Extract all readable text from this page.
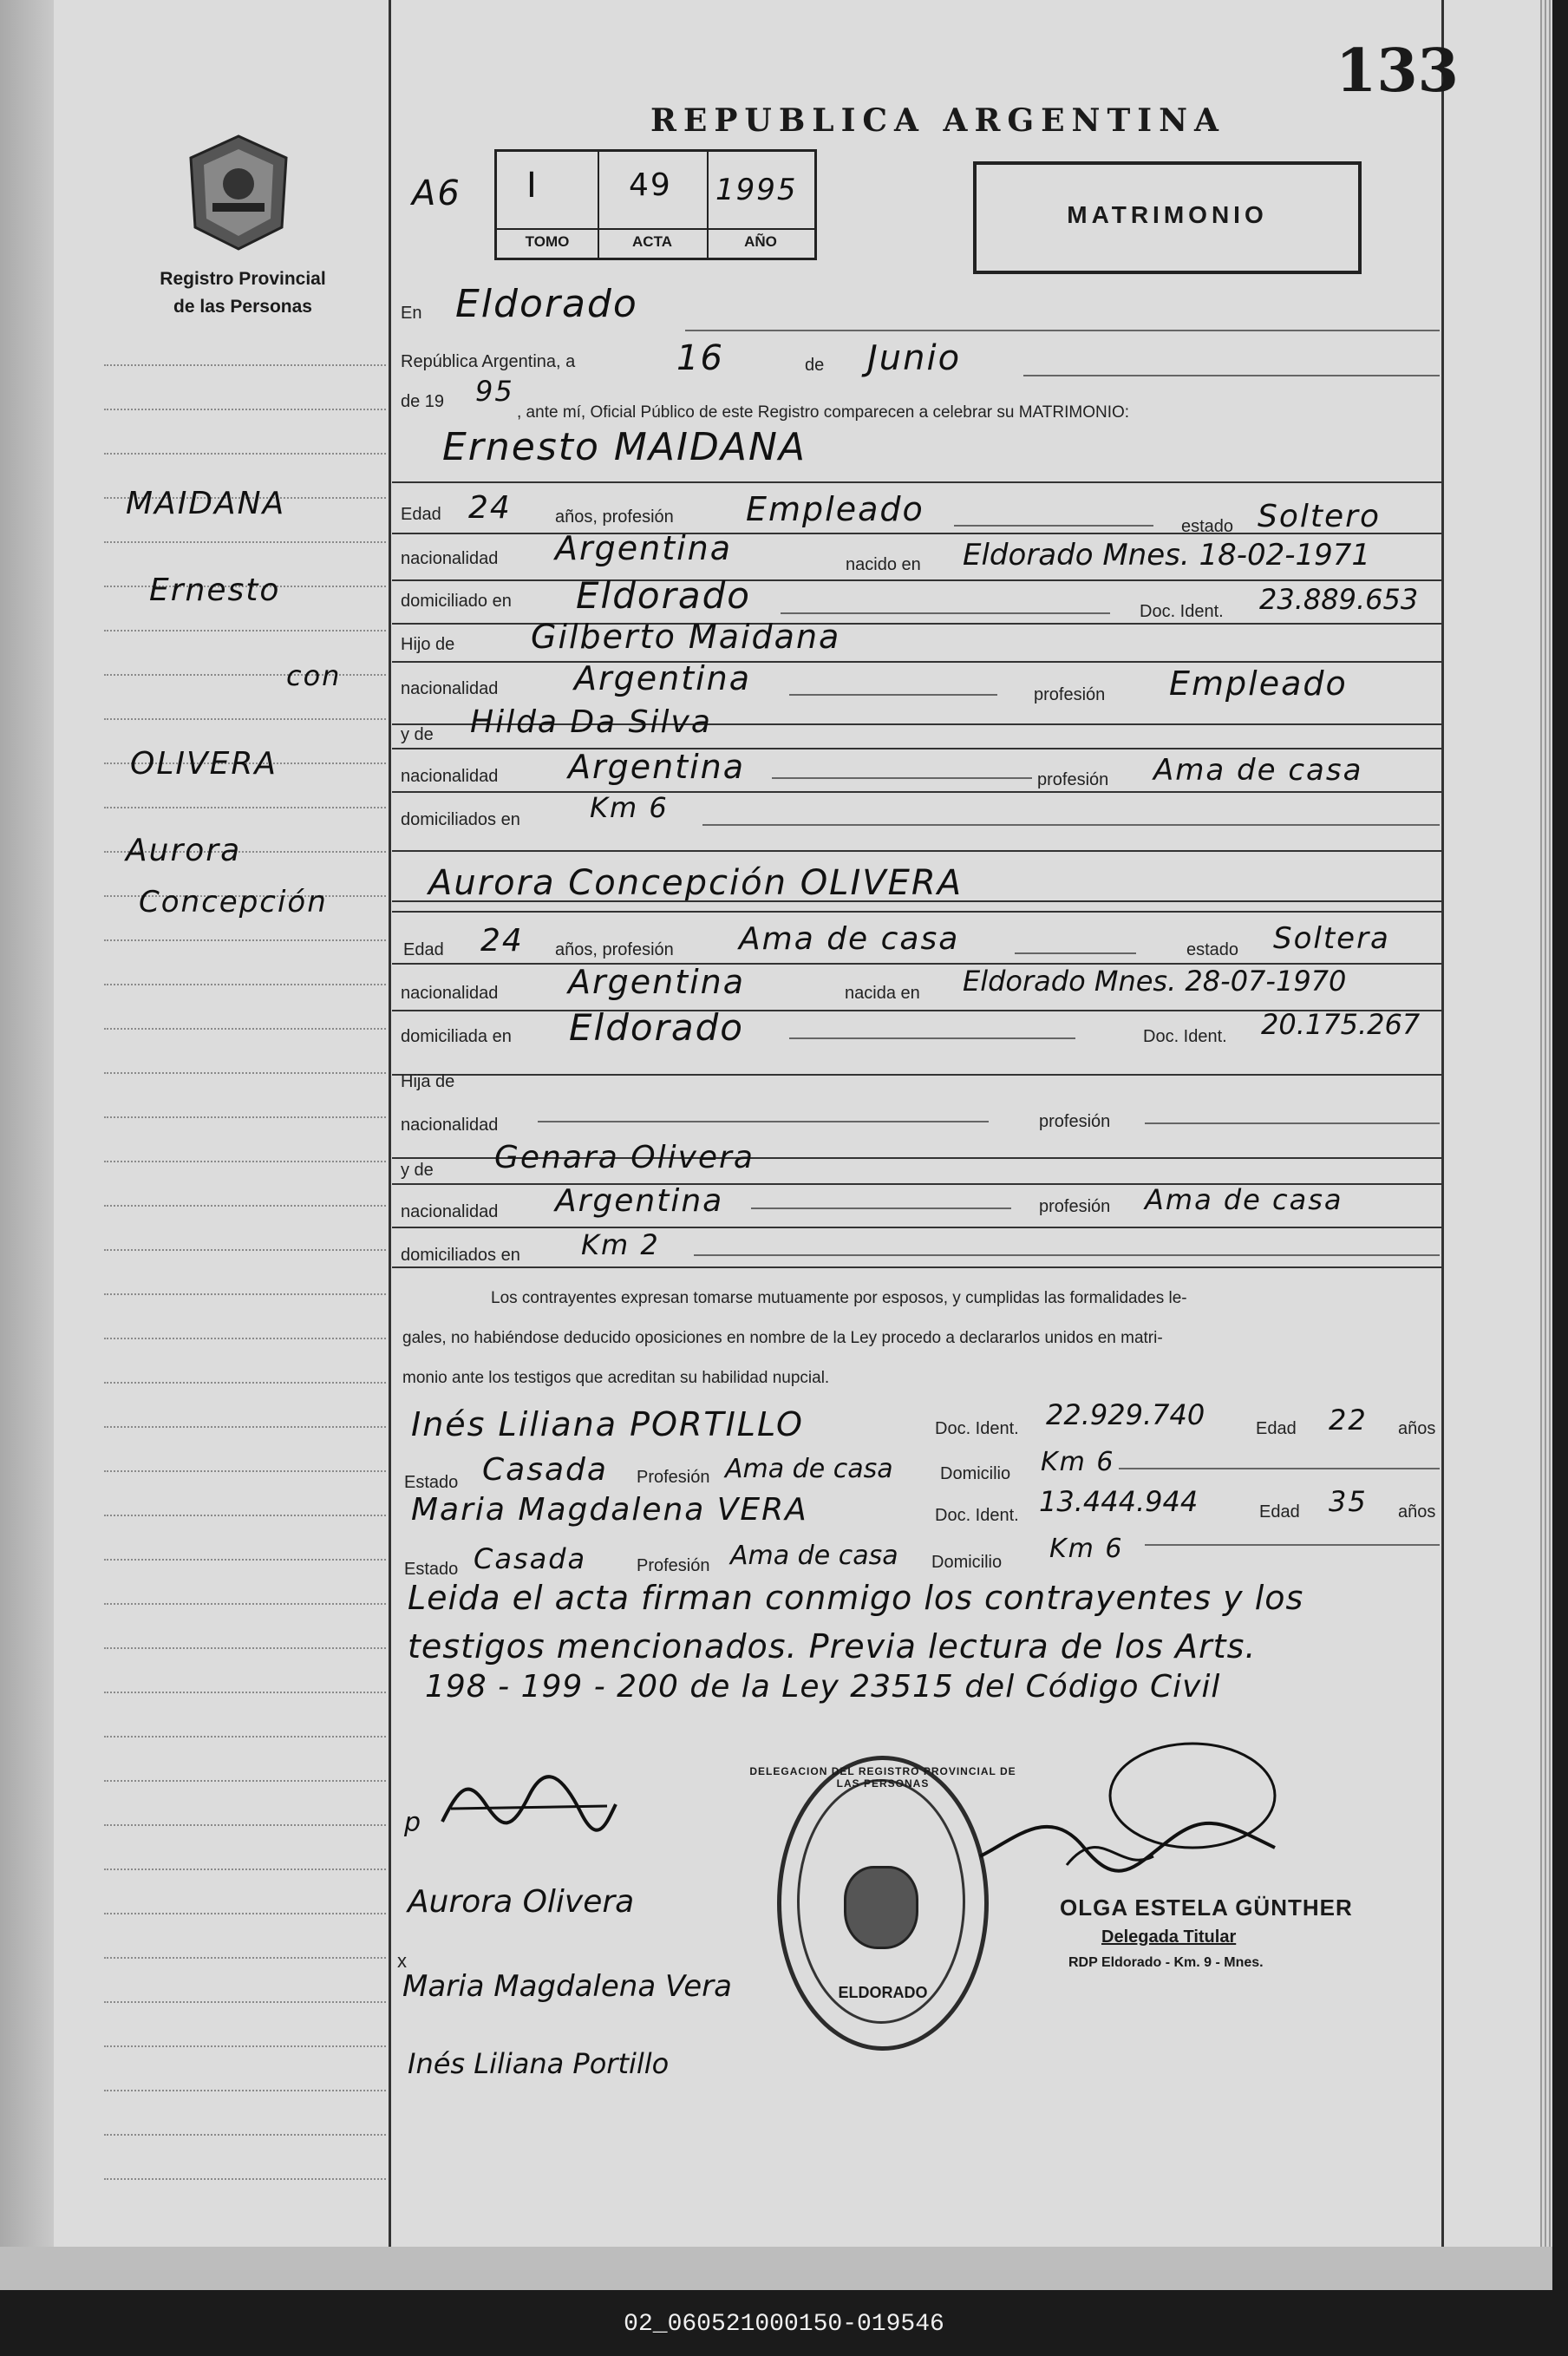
133
Registro Provincial
de las Personas
MAIDANA
Ernesto
con
OLIVERA
Aurora
Concepción
REPUBLICA ARGENTINA
A6 I
TOMO
49
ACTA
1995
AÑO
MATRIMONIO
En Eldorado
República Argentina, a	16	de Junio
de 19 95
, ante mí, Oficial Público de este Registro comparecen a celebrar su MATRIMONIO:
Ernesto MAIDANA
Edad 24	años, profesión Empleado	estado Soltero
nacionalidad Argentina	nacido en Eldorado Mnes. 18-02-1971
domiciliado en Eldorado	Doc. Ident. 23.889.653
Hijo de Gilberto Maidana
nacionalidad Argentina	profesión Empleado
y de Hilda Da Silva
nacionalidad Argentina	profesión Ama de casa
domiciliados en	Km 6
Aurora Concepción OLIVERA
Edad 24 años, profesión Ama de casa	estado Soltera
nacionalidad Argentina	nacida en Eldorado Mnes. 28-07-1970
domiciliada en Eldorado	Doc. Ident. 20.175.267
Hija de
nacionalidad	profesión
y de Genara Olivera
nacionalidad Argentina	profesión Ama de casa
domiciliados en Km 2
Los contrayentes expresan tomarse mutuamente por esposos, y cumplidas las formalidades le-
gales, no habiéndose deducido oposiciones en nombre de la Ley procedo a declararlos unidos en matri-
monio ante los testigos que acreditan su habilidad nupcial.
Inés Liliana PORTILLO	Doc. Ident. 22.929.740	Edad 22 años
Estado Casada Profesión Ama de casa	Domicilio Km 6
Maria Magdalena VERA	Doc. Ident. 13.444.944	Edad 35 años
Estado Casada	Profesión Ama de casa Domicilio Km 6
Leida el acta firman conmigo los contrayentes y los
testigos mencionados. Previa lectura de los Arts.
198 - 199 - 200 de la Ley 23515 del Código Civil
p
Aurora Olivera
x
Maria Magdalena Vera
Inés Liliana Portillo
ELDORADO
DELEGACION DEL REGISTRO PROVINCIAL DE LAS PERSONAS
OLGA ESTELA GÜNTHER
Delegada Titular
RDP Eldorado - Km. 9 - Mnes.
02_060521000150-019546
